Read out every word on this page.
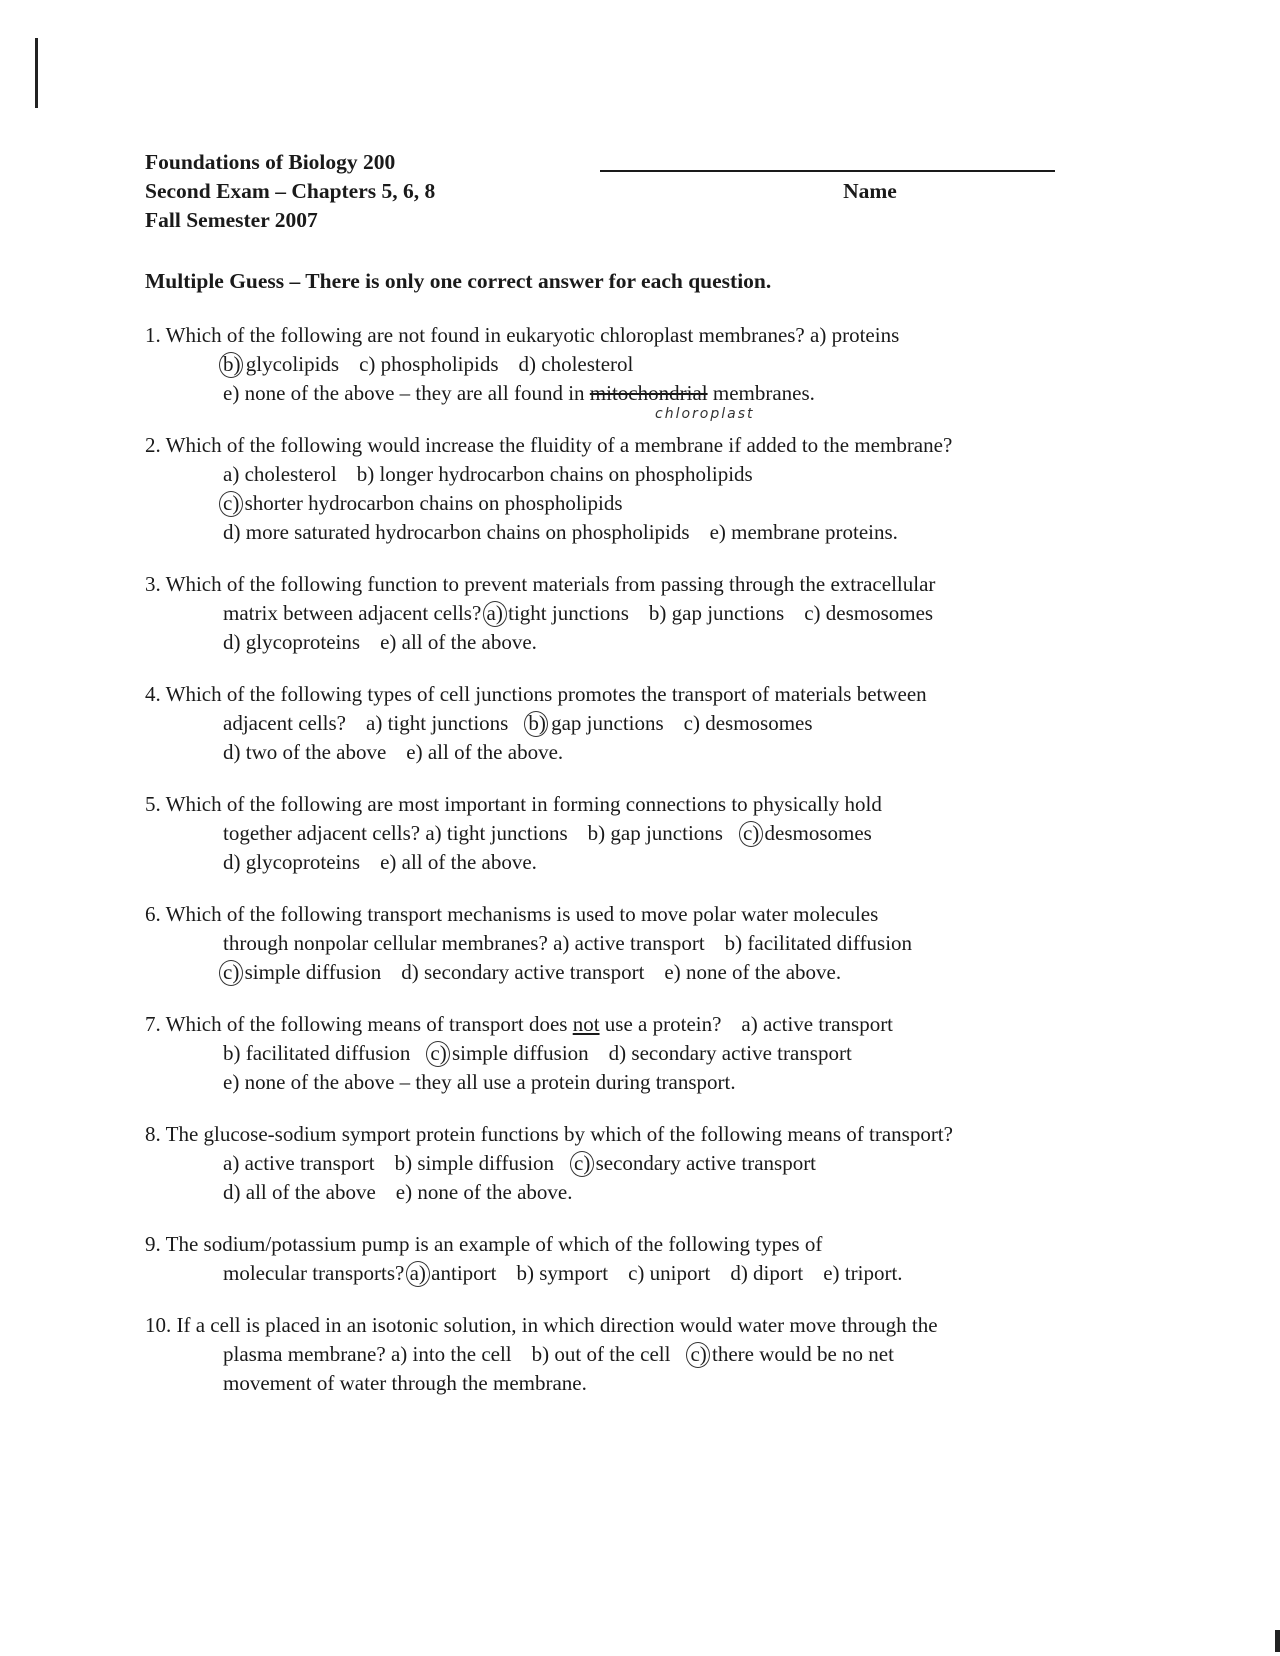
Foundations of Biology 200
Second Exam – Chapters 5, 6, 8
Fall Semester 2007
Name
Multiple Guess – There is only one correct answer for each question.
1. Which of the following are not found in eukaryotic chloroplast membranes? a) proteins
b) glycolipids c) phospholipids d) cholesterol
e) none of the above – they are all found in mitochondrial membranes.
chloroplast
2. Which of the following would increase the fluidity of a membrane if added to the membrane?
a) cholesterol b) longer hydrocarbon chains on phospholipids
c) shorter hydrocarbon chains on phospholipids
d) more saturated hydrocarbon chains on phospholipids e) membrane proteins.
3. Which of the following function to prevent materials from passing through the extracellular
matrix between adjacent cells? a) tight junctions b) gap junctions c) desmosomes
d) glycoproteins e) all of the above.
4. Which of the following types of cell junctions promotes the transport of materials between
adjacent cells? a) tight junctions b) gap junctions c) desmosomes
d) two of the above e) all of the above.
5. Which of the following are most important in forming connections to physically hold
together adjacent cells? a) tight junctions b) gap junctions c) desmosomes
d) glycoproteins e) all of the above.
6. Which of the following transport mechanisms is used to move polar water molecules
through nonpolar cellular membranes? a) active transport b) facilitated diffusion
c) simple diffusion d) secondary active transport e) none of the above.
7. Which of the following means of transport does not use a protein? a) active transport
b) facilitated diffusion c) simple diffusion d) secondary active transport
e) none of the above – they all use a protein during transport.
8. The glucose-sodium symport protein functions by which of the following means of transport?
a) active transport b) simple diffusion c) secondary active transport
d) all of the above e) none of the above.
9. The sodium/potassium pump is an example of which of the following types of
molecular transports? a) antiport b) symport c) uniport d) diport e) triport.
10. If a cell is placed in an isotonic solution, in which direction would water move through the
plasma membrane? a) into the cell b) out of the cell c) there would be no net
movement of water through the membrane.
